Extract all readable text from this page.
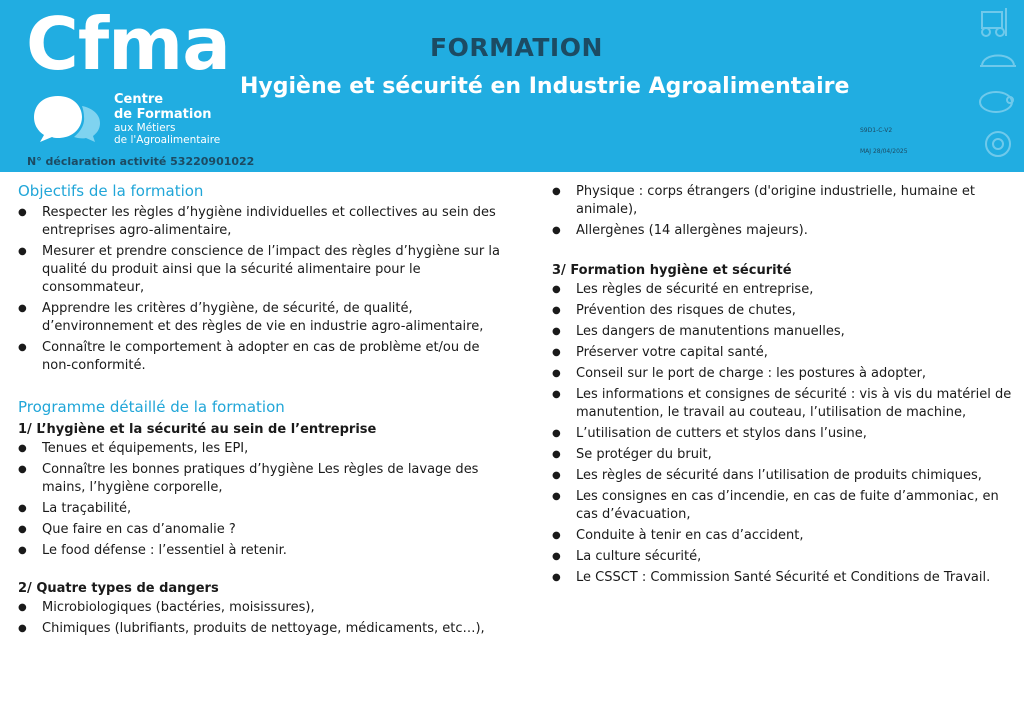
Cfma
Centre
de Formation
aux Métiers
de l'Agroalimentaire
N° déclaration activité 53220901022
FORMATION
Hygiène et sécurité en Industrie Agroalimentaire
S9D1-C-V2
MAJ 28/04/2025
Objectifs de la formation
● Respecter les règles d’hygiène individuelles et collectives au sein des entreprises agro-alimentaire,
● Mesurer et prendre conscience de l’impact des règles d’hygiène sur la qualité du produit ainsi que la sécurité alimentaire pour le consommateur,
● Apprendre les critères d’hygiène, de sécurité, de qualité, d’environnement et des règles de vie en industrie agro-alimentaire,
● Connaître le comportement à adopter en cas de problème et/ou de non-conformité.
Programme détaillé de la formation
1/ L’hygiène et la sécurité au sein de l’entreprise
● Tenues et équipements, les EPI,
● Connaître les bonnes pratiques d’hygiène Les règles de lavage des mains, l’hygiène corporelle,
● La traçabilité,
● Que faire en cas d’anomalie ?
● Le food défense : l’essentiel à retenir.
2/ Quatre types de dangers
● Microbiologiques (bactéries, moisissures),
● Chimiques (lubrifiants, produits de nettoyage, médicaments, etc…),
● Physique : corps étrangers (d'origine industrielle, humaine et animale),
● Allergènes (14 allergènes majeurs).
3/ Formation hygiène et sécurité
● Les règles de sécurité en entreprise,
● Prévention des risques de chutes,
● Les dangers de manutentions manuelles,
● Préserver votre capital santé,
● Conseil sur le port de charge : les postures à adopter,
● Les informations et consignes de sécurité : vis à vis du matériel de manutention, le travail au couteau, l’utilisation de machine,
● L’utilisation de cutters et stylos dans l’usine,
● Se protéger du bruit,
● Les règles de sécurité dans l’utilisation de produits chimiques,
● Les consignes en cas d’incendie, en cas de fuite d’ammoniac, en cas d’évacuation,
● Conduite à tenir en cas d’accident,
● La culture sécurité,
● Le CSSCT : Commission Santé Sécurité et Conditions de Travail.
